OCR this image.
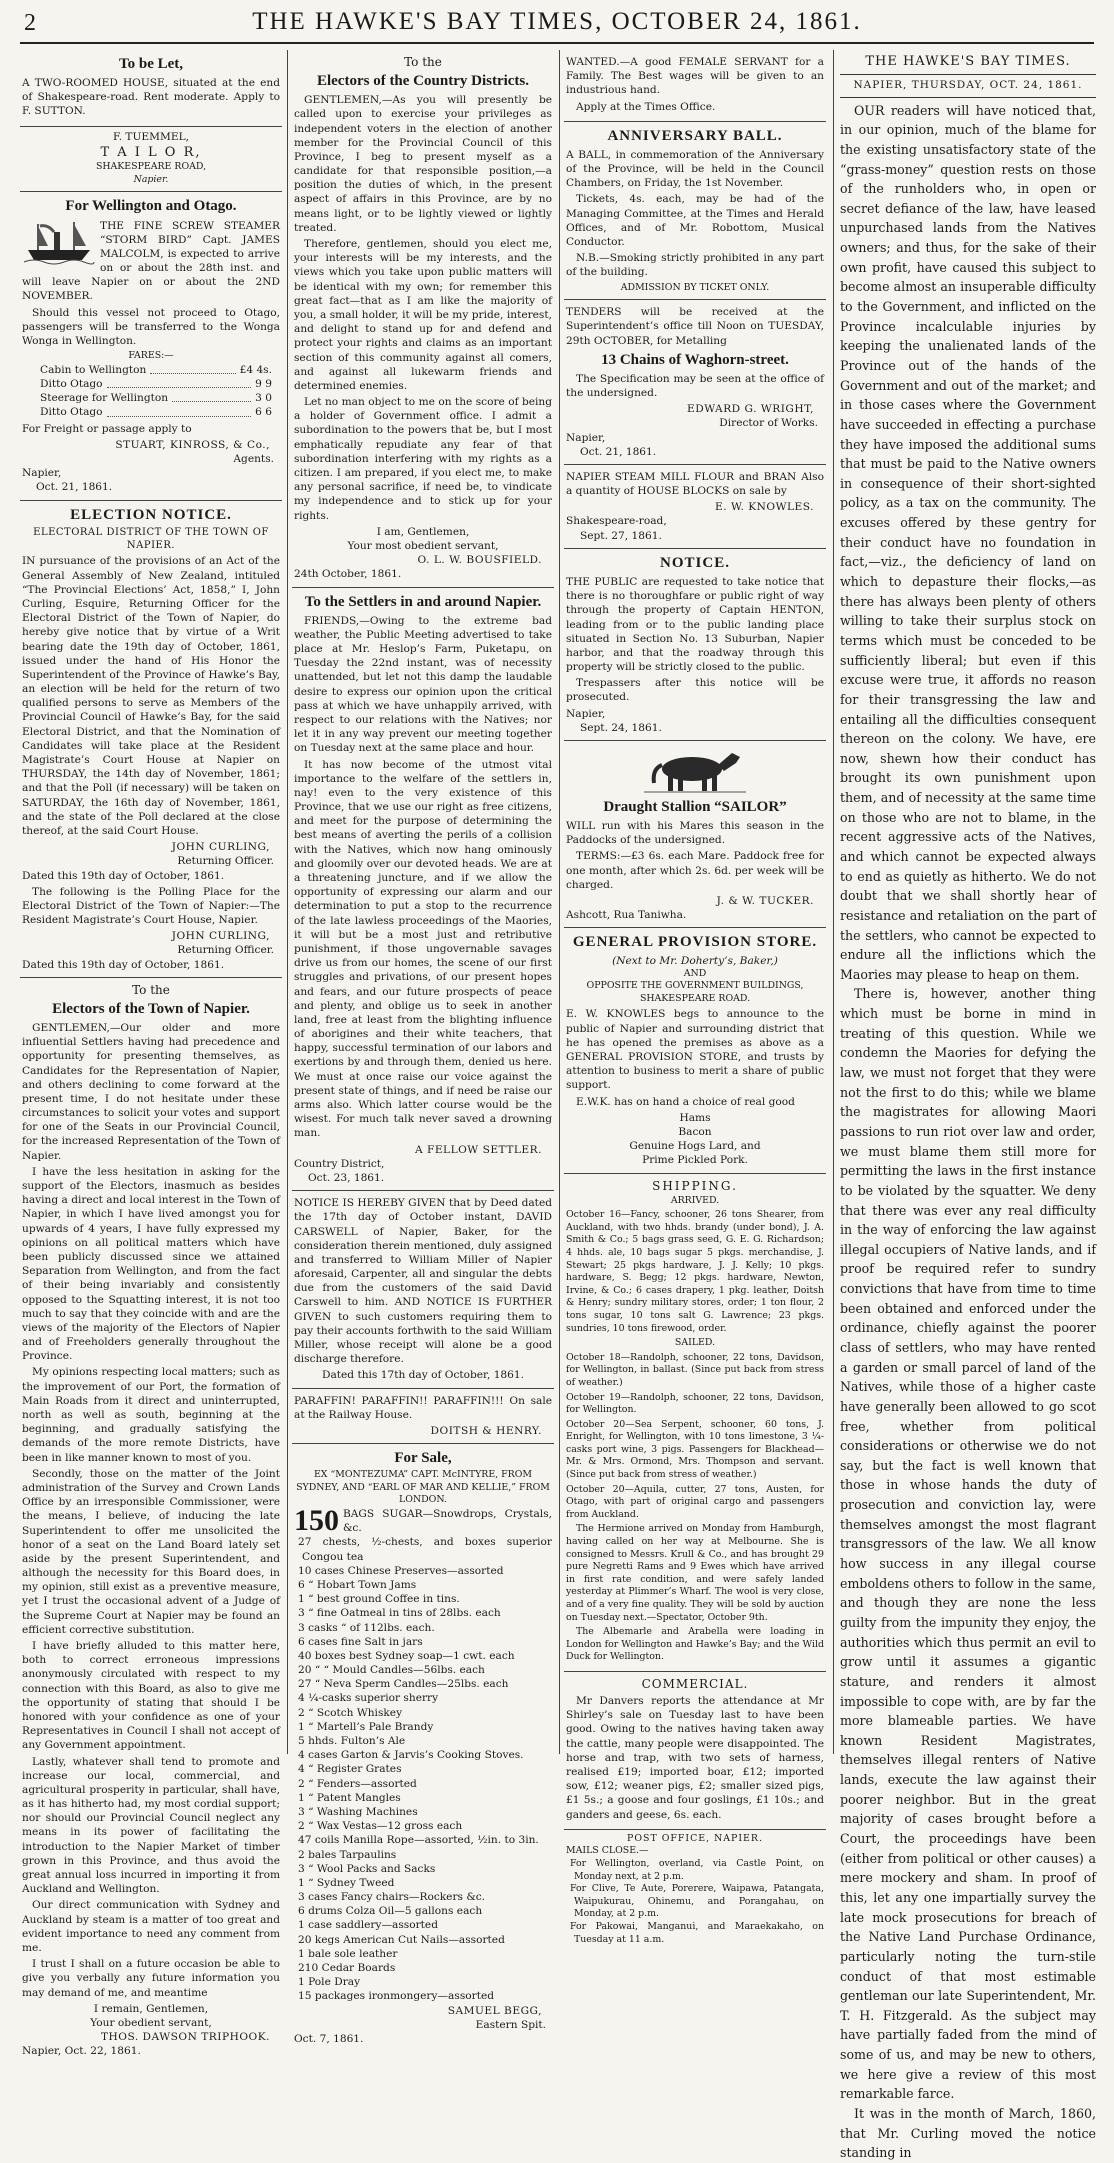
2	THE HAWKE'S BAY TIMES, OCTOBER 24, 1861.
To be Let,

A TWO-ROOMED HOUSE, situated at the end of Shakespeare-road. Rent moderate. Apply to F. SUTTON.

F. TUEMMEL,
T A I L O R,
SHAKESPEARE ROAD,
Napier.
For Wellington and Otago.

THE FINE SCREW STEAMER “STORM BIRD” Capt. JAMES MALCOLM, is expected to arrive on or about the 28th inst. and will leave Napier on or about the 2ND NOVEMBER.

Should this vessel not proceed to Otago, passengers will be transferred to the Wonga Wonga in Wellington.

FARES:—
Cabin to Wellington	£4 4s.
Ditto Otago	9 9
Steerage for Wellington	3 0
Ditto Otago	6 6

For Freight or passage apply to

STUART, KINROSS, & Co.,
Agents.
Napier,
Oct. 21, 1861.
ELECTION NOTICE.
ELECTORAL DISTRICT OF THE TOWN OF NAPIER.

IN pursuance of the provisions of an Act of the General Assembly of New Zealand, intituled “The Provincial Elections’ Act, 1858,” I, John Curling, Esquire, Returning Officer for the Electoral District of the Town of Napier, do hereby give notice that by virtue of a Writ bearing date the 19th day of October, 1861, issued under the hand of His Honor the Superintendent of the Province of Hawke’s Bay, an election will be held for the return of two qualified persons to serve as Members of the Provincial Council of Hawke’s Bay, for the said Electoral District, and that the Nomination of Candidates will take place at the Resident Magistrate’s Court House at Napier on THURSDAY, the 14th day of November, 1861; and that the Poll (if necessary) will be taken on SATURDAY, the 16th day of November, 1861, and the state of the Poll declared at the close thereof, at the said Court House.

JOHN CURLING,
Returning Officer.
Dated this 19th day of October, 1861.

The following is the Polling Place for the Electoral District of the Town of Napier:—The Resident Magistrate’s Court House, Napier.

JOHN CURLING,
Returning Officer.
Dated this 19th day of October, 1861.
To the
Electors of the Town of Napier.

GENTLEMEN,—Our older and more influential Settlers having had precedence and opportunity for presenting themselves, as Candidates for the Representation of Napier, and others declining to come forward at the present time, I do not hesitate under these circumstances to solicit your votes and support for one of the Seats in our Provincial Council, for the increased Representation of the Town of Napier.

I have the less hesitation in asking for the support of the Electors, inasmuch as besides having a direct and local interest in the Town of Napier, in which I have lived amongst you for upwards of 4 years, I have fully expressed my opinions on all political matters which have been publicly discussed since we attained Separation from Wellington, and from the fact of their being invariably and consistently opposed to the Squatting interest, it is not too much to say that they coincide with and are the views of the majority of the Electors of Napier and of Freeholders generally throughout the Province.

My opinions respecting local matters; such as the improvement of our Port, the formation of Main Roads from it direct and uninterrupted, north as well as south, beginning at the beginning, and gradually satisfying the demands of the more remote Districts, have been in like manner known to most of you.

Secondly, those on the matter of the Joint administration of the Survey and Crown Lands Office by an irresponsible Commissioner, were the means, I believe, of inducing the late Superintendent to offer me unsolicited the honor of a seat on the Land Board lately set aside by the present Superintendent, and although the necessity for this Board does, in my opinion, still exist as a preventive measure, yet I trust the occasional advent of a Judge of the Supreme Court at Napier may be found an efficient corrective substitution.

I have briefly alluded to this matter here, both to correct erroneous impressions anonymously circulated with respect to my connection with this Board, as also to give me the opportunity of stating that should I be honored with your confidence as one of your Representatives in Council I shall not accept of any Government appointment.

Lastly, whatever shall tend to promote and increase our local, commercial, and agricultural prosperity in particular, shall have, as it has hitherto had, my most cordial support; nor should our Provincial Council neglect any means in its power of facilitating the introduction to the Napier Market of timber grown in this Province, and thus avoid the great annual loss incurred in importing it from Auckland and Wellington.

Our direct communication with Sydney and Auckland by steam is a matter of too great and evident importance to need any comment from me.

I trust I shall on a future occasion be able to give you verbally any future information you may demand of me, and meantime

I remain, Gentlemen,
Your obedient servant,
THOS. DAWSON TRIPHOOK.
Napier, Oct. 22, 1861.
To the
Electors of the Country Districts.

GENTLEMEN,—As you will presently be called upon to exercise your privileges as independent voters in the election of another member for the Provincial Council of this Province, I beg to present myself as a candidate for that responsible position,—a position the duties of which, in the present aspect of affairs in this Province, are by no means light, or to be lightly viewed or lightly treated.

Therefore, gentlemen, should you elect me, your interests will be my interests, and the views which you take upon public matters will be identical with my own; for remember this great fact—that as I am like the majority of you, a small holder, it will be my pride, interest, and delight to stand up for and defend and protect your rights and claims as an important section of this community against all comers, and against all lukewarm friends and determined enemies.

Let no man object to me on the score of being a holder of Government office. I admit a subordination to the powers that be, but I most emphatically repudiate any fear of that subordination interfering with my rights as a citizen. I am prepared, if you elect me, to make any personal sacrifice, if need be, to vindicate my independence and to stick up for your rights.

I am, Gentlemen,
Your most obedient servant,
O. L. W. BOUSFIELD.
24th October, 1861.
To the Settlers in and around Napier.

FRIENDS,—Owing to the extreme bad weather, the Public Meeting advertised to take place at Mr. Heslop’s Farm, Puketapu, on Tuesday the 22nd instant, was of necessity unattended, but let not this damp the laudable desire to express our opinion upon the critical pass at which we have unhappily arrived, with respect to our relations with the Natives; nor let it in any way prevent our meeting together on Tuesday next at the same place and hour.

It has now become of the utmost vital importance to the welfare of the settlers in, nay! even to the very existence of this Province, that we use our right as free citizens, and meet for the purpose of determining the best means of averting the perils of a collision with the Natives, which now hang ominously and gloomily over our devoted heads. We are at a threatening juncture, and if we allow the opportunity of expressing our alarm and our determination to put a stop to the recurrence of the late lawless proceedings of the Maories, it will but be a most just and retributive punishment, if those ungovernable savages drive us from our homes, the scene of our first struggles and privations, of our present hopes and fears, and our future prospects of peace and plenty, and oblige us to seek in another land, free at least from the blighting influence of aborigines and their white teachers, that happy, successful termination of our labors and exertions by and through them, denied us here. We must at once raise our voice against the present state of things, and if need be raise our arms also. Which latter course would be the wisest. For much talk never saved a drowning man.

A FELLOW SETTLER.
Country District,
Oct. 23, 1861.

NOTICE IS HEREBY GIVEN that by Deed dated the 17th day of October instant, DAVID CARSWELL of Napier, Baker, for the consideration therein mentioned, duly assigned and transferred to William Miller of Napier aforesaid, Carpenter, all and singular the debts due from the customers of the said David Carswell to him. AND NOTICE IS FURTHER GIVEN to such customers requiring them to pay their accounts forthwith to the said William Miller, whose receipt will alone be a good discharge therefore.

Dated this 17th day of October, 1861.

PARAFFIN! PARAFFIN!! PARAFFIN!!! On sale at the Railway House.

DOITSH & HENRY.
For Sale,
EX “MONTEZUMA” CAPT. McINTYRE, FROM SYDNEY, AND “EARL OF MAR AND KELLIE,” FROM LONDON.
150 BAGS SUGAR—Snowdrops, Crystals, &c.
27 chests, ½-chests, and boxes superior Congou tea
10 cases Chinese Preserves—assorted
6 “ Hobart Town Jams
1 “ best ground Coffee in tins.
3 “ fine Oatmeal in tins of 28lbs. each
3 casks “ of 112lbs. each.
6 cases fine Salt in jars
40 boxes best Sydney soap—1 cwt. each
20 “ “ Mould Candles—56lbs. each
27 “ Neva Sperm Candles—25lbs. each
4 ¼-casks superior sherry
2 “ Scotch Whiskey
1 “ Martell’s Pale Brandy
5 hhds. Fulton’s Ale
4 cases Garton & Jarvis’s Cooking Stoves.
4 “ Register Grates
2 “ Fenders—assorted
1 “ Patent Mangles
3 “ Washing Machines
2 “ Wax Vestas—12 gross each
47 coils Manilla Rope—assorted, ½in. to 3in.
2 bales Tarpaulins
3 “ Wool Packs and Sacks
1 “ Sydney Tweed
3 cases Fancy chairs—Rockers &c.
6 drums Colza Oil—5 gallons each
1 case saddlery—assorted
20 kegs American Cut Nails—assorted
1 bale sole leather
210 Cedar Boards
1 Pole Dray
15 packages ironmongery—assorted
SAMUEL BEGG,
Eastern Spit.
Oct. 7, 1861.

WANTED.—A good FEMALE SERVANT for a Family. The Best wages will be given to an industrious hand.

Apply at the Times Office.

ANNIVERSARY BALL.

A BALL, in commemoration of the Anniversary of the Province, will be held in the Council Chambers, on Friday, the 1st November.

Tickets, 4s. each, may be had of the Managing Committee, at the Times and Herald Offices, and of Mr. Robottom, Musical Conductor.

N.B.—Smoking strictly prohibited in any part of the building.

ADMISSION BY TICKET ONLY.

TENDERS will be received at the Superintendent’s office till Noon on TUESDAY, 29th OCTOBER, for Metalling

13 Chains of Waghorn-street.

The Specification may be seen at the office of the undersigned.

EDWARD G. WRIGHT,
Director of Works.
Napier,
Oct. 21, 1861.

NAPIER STEAM MILL FLOUR and BRAN Also a quantity of HOUSE BLOCKS on sale by

E. W. KNOWLES.
Shakespeare-road,
Sept. 27, 1861.
NOTICE.

THE PUBLIC are requested to take notice that there is no thoroughfare or public right of way through the property of Captain HENTON, leading from or to the public landing place situated in Section No. 13 Suburban, Napier harbor, and that the roadway through this property will be strictly closed to the public.

Trespassers after this notice will be prosecuted.

Napier,
Sept. 24, 1861.
Draught Stallion “SAILOR”

WILL run with his Mares this season in the Paddocks of the undersigned.

TERMS:—£3 6s. each Mare. Paddock free for one month, after which 2s. 6d. per week will be charged.

J. & W. TUCKER.
Ashcott, Rua Taniwha.
GENERAL PROVISION STORE.
(Next to Mr. Doherty’s, Baker,)
AND
OPPOSITE THE GOVERNMENT BUILDINGS, SHAKESPEARE ROAD.

E. W. KNOWLES begs to announce to the public of Napier and surrounding district that he has opened the premises as above as a GENERAL PROVISION STORE, and trusts by attention to business to merit a share of public support.

E.W.K. has on hand a choice of real good

Hams
Bacon
Genuine Hogs Lard, and
Prime Pickled Pork.
SHIPPING.
ARRIVED.

October 16—Fancy, schooner, 26 tons Shearer, from Auckland, with two hhds. brandy (under bond), J. A. Smith & Co.; 5 bags grass seed, G. E. G. Richardson; 4 hhds. ale, 10 bags sugar 5 pkgs. merchandise, J. Stewart; 25 pkgs hardware, J. J. Kelly; 10 pkgs. hardware, S. Begg; 12 pkgs. hardware, Newton, Irvine, & Co.; 6 cases drapery, 1 pkg. leather, Doitsh & Henry; sundry military stores, order; 1 ton flour, 2 tons sugar, 10 tons salt G. Lawrence; 23 pkgs. sundries, 10 tons firewood, order.

SAILED.

October 18—Randolph, schooner, 22 tons, Davidson, for Wellington, in ballast. (Since put back from stress of weather.)

October 19—Randolph, schooner, 22 tons, Davidson, for Wellington.

October 20—Sea Serpent, schooner, 60 tons, J. Enright, for Wellington, with 10 tons limestone, 3 ¼-casks port wine, 3 pigs. Passengers for Blackhead—Mr. & Mrs. Ormond, Mrs. Thompson and servant. (Since put back from stress of weather.)

October 20—Aquila, cutter, 27 tons, Austen, for Otago, with part of original cargo and passengers from Auckland.

The Hermione arrived on Monday from Hamburgh, having called on her way at Melbourne. She is consigned to Messrs. Krull & Co., and has brought 29 pure Negretti Rams and 9 Ewes which have arrived in first rate condition, and were safely landed yesterday at Plimmer’s Wharf. The wool is very close, and of a very fine quality. They will be sold by auction on Tuesday next.—Spectator, October 9th.

The Albemarle and Arabella were loading in London for Wellington and Hawke’s Bay; and the Wild Duck for Wellington.

COMMERCIAL.

Mr Danvers reports the attendance at Mr Shirley’s sale on Tuesday last to have been good. Owing to the natives having taken away the cattle, many people were disappointed. The horse and trap, with two sets of harness, realised £19; imported boar, £12; imported sow, £12; weaner pigs, £2; smaller sized pigs, £1 5s.; a goose and four goslings, £1 10s.; and ganders and geese, 6s. each.

POST OFFICE, NAPIER.
MAILS CLOSE.—
For Wellington, overland, via Castle Point, on Monday next, at 2 p.m.
For Clive, Te Aute, Porerere, Waipawa, Patangata, Waipukurau, Ohinemu, and Porangahau, on Monday, at 2 p.m.
For Pakowai, Manganui, and Maraekakaho, on Tuesday at 11 a.m.
THE HAWKE'S BAY TIMES.
NAPIER, THURSDAY, OCT. 24, 1861.

OUR readers will have noticed that, in our opinion, much of the blame for the existing unsatisfactory state of the “grass-money” question rests on those of the runholders who, in open or secret defiance of the law, have leased unpurchased lands from the Natives owners; and thus, for the sake of their own profit, have caused this subject to become almost an insuperable difficulty to the Government, and inflicted on the Province incalculable injuries by keeping the unalienated lands of the Province out of the hands of the Government and out of the market; and in those cases where the Government have succeeded in effecting a purchase they have imposed the additional sums that must be paid to the Native owners in consequence of their short-sighted policy, as a tax on the community. The excuses offered by these gentry for their conduct have no foundation in fact,—viz., the deficiency of land on which to depasture their flocks,—as there has always been plenty of others willing to take their surplus stock on terms which must be conceded to be sufficiently liberal; but even if this excuse were true, it affords no reason for their transgressing the law and entailing all the difficulties consequent thereon on the colony. We have, ere now, shewn how their conduct has brought its own punishment upon them, and of necessity at the same time on those who are not to blame, in the recent aggressive acts of the Natives, and which cannot be expected always to end as quietly as hitherto. We do not doubt that we shall shortly hear of resistance and retaliation on the part of the settlers, who cannot be expected to endure all the inflictions which the Maories may please to heap on them.

There is, however, another thing which must be borne in mind in treating of this question. While we condemn the Maories for defying the law, we must not forget that they were not the first to do this; while we blame the magistrates for allowing Maori passions to run riot over law and order, we must blame them still more for permitting the laws in the first instance to be violated by the squatter. We deny that there was ever any real difficulty in the way of enforcing the law against illegal occupiers of Native lands, and if proof be required refer to sundry convictions that have from time to time been obtained and enforced under the ordinance, chiefly against the poorer class of settlers, who may have rented a garden or small parcel of land of the Natives, while those of a higher caste have generally been allowed to go scot free, whether from political considerations or otherwise we do not say, but the fact is well known that those in whose hands the duty of prosecution and conviction lay, were themselves amongst the most flagrant transgressors of the law. We all know how success in any illegal course emboldens others to follow in the same, and though they are none the less guilty from the impunity they enjoy, the authorities which thus permit an evil to grow until it assumes a gigantic stature, and renders it almost impossible to cope with, are by far the more blameable parties. We have known Resident Magistrates, themselves illegal renters of Native lands, execute the law against their poorer neighbor. But in the great majority of cases brought before a Court, the proceedings have been (either from political or other causes) a mere mockery and sham. In proof of this, let any one impartially survey the late mock prosecutions for breach of the Native Land Purchase Ordinance, particularly noting the turn-stile conduct of that most estimable gentleman our late Superintendent, Mr. T. H. Fitzgerald. As the subject may have partially faded from the mind of some of us, and may be new to others, we here give a review of this most remarkable farce.

It was in the month of March, 1860, that Mr. Curling moved the notice standing in
